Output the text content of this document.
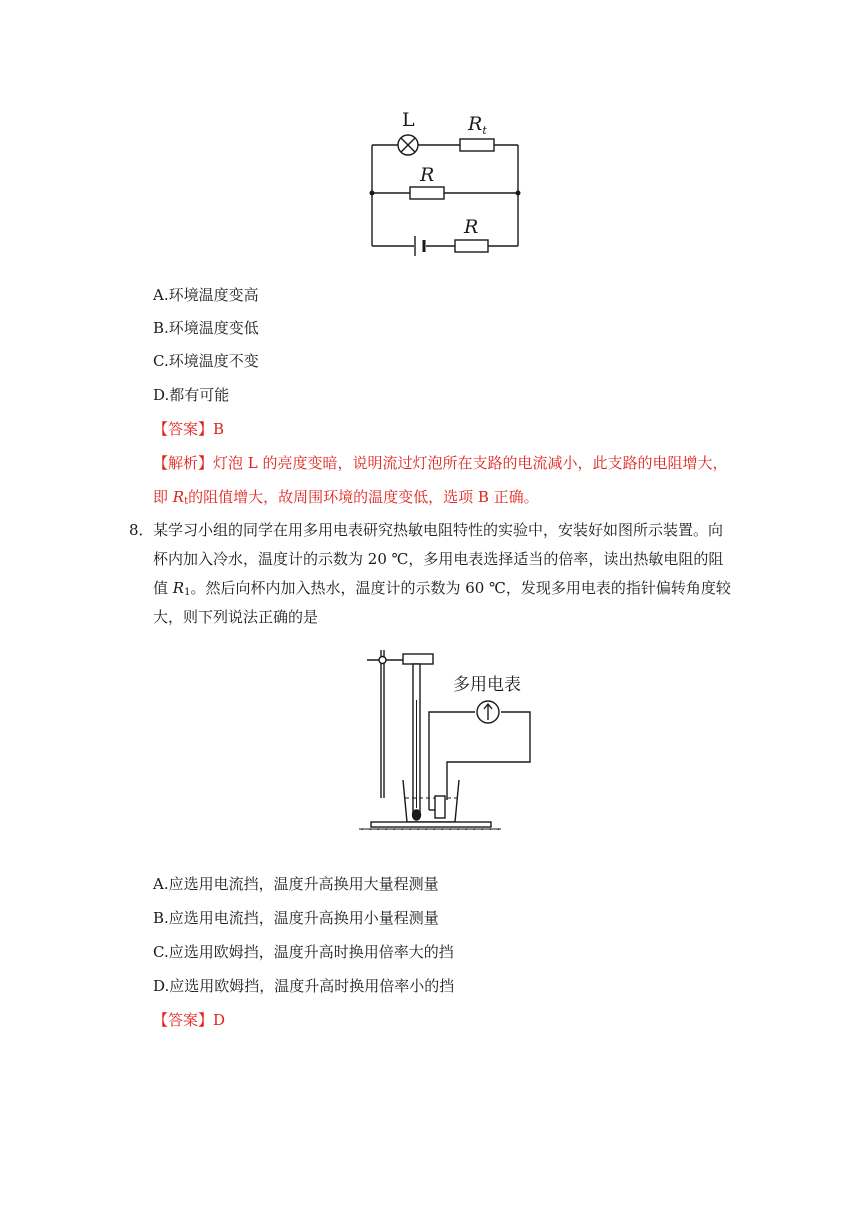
L	$R_t$
R
R
A.环境温度变高
B.环境温度变低
C.环境温度不变
D.都有可能
【答案】B
【解析】灯泡 L 的亮度变暗，说明流过灯泡所在支路的电流减小，此支路的电阻增大，
即 $R_t$的阻值增大，故周围环境的温度变低，选项 B 正确。
8． 某学习小组的同学在用多用电表研究热敏电阻特性的实验中，安装好如图所示装置。向
杯内加入冷水，温度计的示数为 20 ℃，多用电表选择适当的倍率，读出热敏电阻的阻
值 $R_1$。然后向杯内加入热水，温度计的示数为 60 ℃，发现多用电表的指针偏转角度较
大，则下列说法正确的是
多用电表
A.应选用电流挡，温度升高换用大量程测量
B.应选用电流挡，温度升高换用小量程测量
C.应选用欧姆挡，温度升高时换用倍率大的挡
D.应选用欧姆挡，温度升高时换用倍率小的挡
【答案】D
